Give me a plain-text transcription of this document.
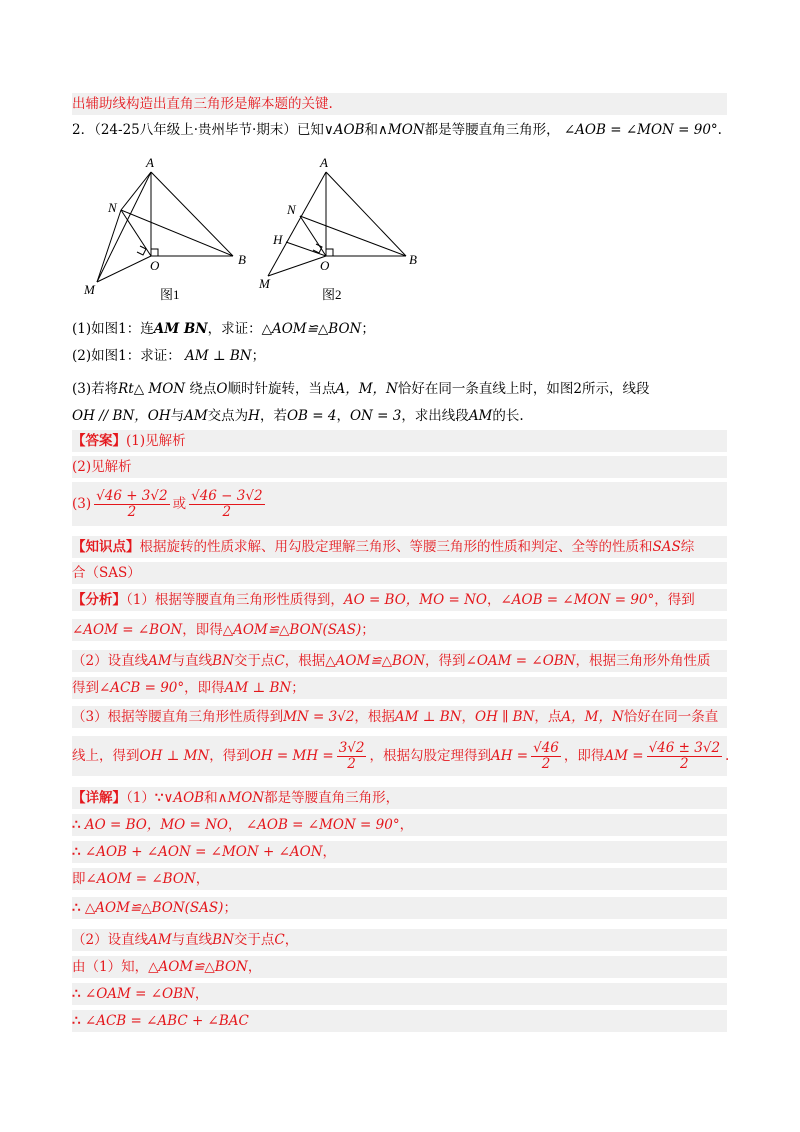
出辅助线构造出直角三角形是解本题的关键.
2．（24-25八年级上·贵州毕节·期末）已知∨AOB和∧MON都是等腰直角三角形， ∠AOB = ∠MON = 90°.
A
B
O
N
M
A
B
O
N
H
M
图1	图2
(1)如图1：连AM BN，求证：△AOM≌△BON；
(2)如图1：求证： AM ⊥ BN；
(3)若将Rt△ MON 绕点O顺时针旋转，当点A，M，N恰好在同一条直线上时，如图2所示，线段
OH // BN，OH与AM交点为H，若OB = 4，ON = 3，求出线段AM的长.
【答案】(1)见解析
(2)见解析
$(3) \frac{√46 + 3√2}{2}$ 或 $\frac{√46 - 3√2}{2}$
【知识点】根据旋转的性质求解、用勾股定理解三角形、等腰三角形的性质和判定、全等的性质和SAS综
合（SAS）
【分析】（1）根据等腰直角三角形性质得到，AO = BO，MO = NO，∠AOB = ∠MON = 90°，得到
∠AOM = ∠BON，即得△AOM≌△BON(SAS)；
（2）设直线AM与直线BN交于点C，根据△AOM≌△BON，得到∠OAM = ∠OBN，根据三角形外角性质
得到∠ACB = 90°，即得AM ⊥ BN；
（3）根据等腰直角三角形性质得到MN = 3√2，根据AM ⊥ BN，OH ∥ BN，点A，M，N恰好在同一条直
线上，得到OH ⊥ MN，得到OH = MH = $\frac{3√2}{2}$ ，根据勾股定理得到AH = $\frac{√46}{2}$ ，即得AM = $\frac{√46 \pm 3√2}{2}$ .
【详解】（1）∵∨AOB和∧MON都是等腰直角三角形，
∴ AO = BO，MO = NO， ∠AOB = ∠MON = 90°，
∴ ∠AOB + ∠AON = ∠MON + ∠AON，
即∠AOM = ∠BON，
∴ △AOM≌△BON(SAS)；
（2）设直线AM与直线BN交于点C，
由（1）知，△AOM≌△BON，
∴ ∠OAM = ∠OBN，
∴ ∠ACB = ∠ABC + ∠BAC
